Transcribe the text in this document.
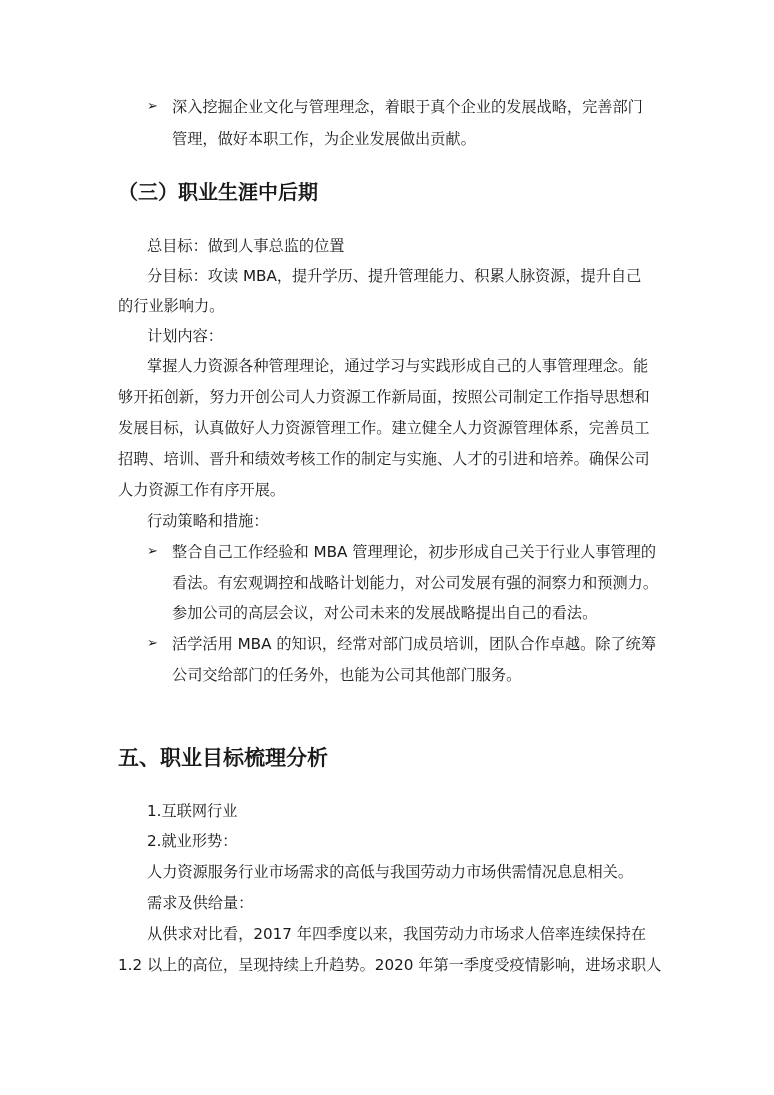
➢ 深入挖掘企业文化与管理理念，着眼于真个企业的发展战略，完善部门
管理，做好本职工作，为企业发展做出贡献。
（三）职业生涯中后期
总目标：做到人事总监的位置
分目标：攻读 MBA，提升学历、提升管理能力、积累人脉资源，提升自己
的行业影响力。
计划内容：
掌握人力资源各种管理理论，通过学习与实践形成自己的人事管理理念。能
够开拓创新，努力开创公司人力资源工作新局面，按照公司制定工作指导思想和
发展目标，认真做好人力资源管理工作。建立健全人力资源管理体系，完善员工
招聘、培训、晋升和绩效考核工作的制定与实施、人才的引进和培养。确保公司
人力资源工作有序开展。
行动策略和措施：
➢ 整合自己工作经验和 MBA 管理理论，初步形成自己关于行业人事管理的
看法。有宏观调控和战略计划能力，对公司发展有强的洞察力和预测力。
参加公司的高层会议，对公司未来的发展战略提出自己的看法。
➢ 活学活用 MBA 的知识，经常对部门成员培训，团队合作卓越。除了统筹
公司交给部门的任务外，也能为公司其他部门服务。
五、职业目标梳理分析
1.互联网行业
2.就业形势：
人力资源服务行业市场需求的高低与我国劳动力市场供需情况息息相关。
需求及供给量：
从供求对比看，2017 年四季度以来，我国劳动力市场求人倍率连续保持在
1.2 以上的高位，呈现持续上升趋势。2020 年第一季度受疫情影响，进场求职人
